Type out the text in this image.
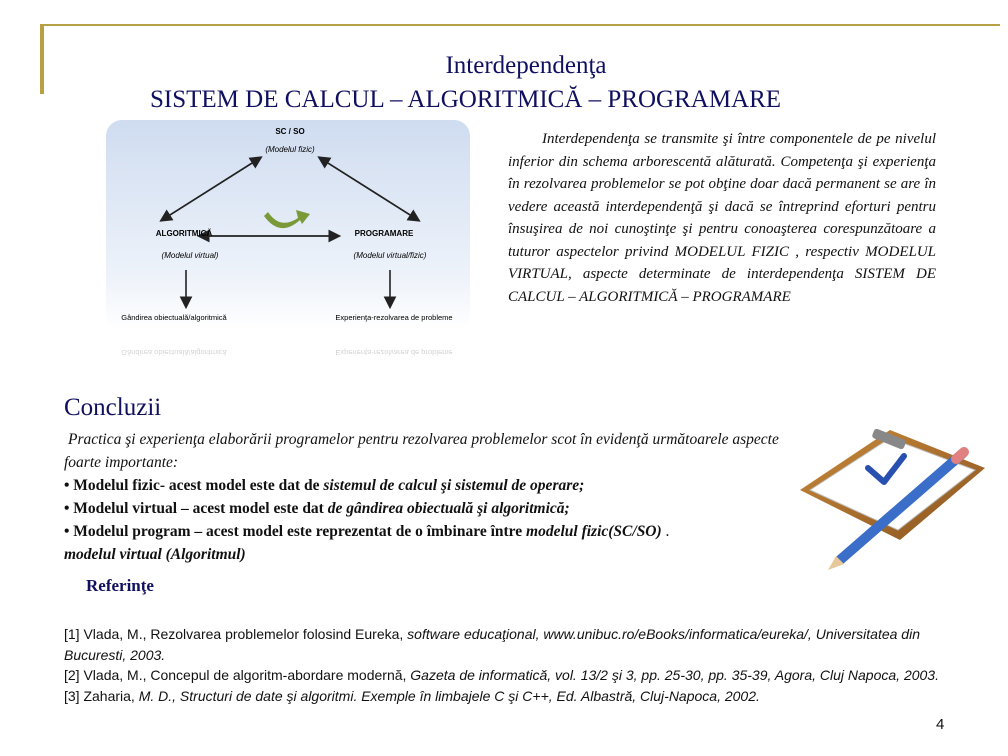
Interdependenţa
SISTEM DE CALCUL – ALGORITMICĂ – PROGRAMARE
SC / SO
(Modelul fizic)
ALGORITMICĂ
(Modelul virtual)
PROGRAMARE
(Modelul virtual/fizic)
Gândirea obiectuală/algoritmică	Experienţa-rezolvarea de probleme
Gândirea obiectuală/algoritmică	Experienţa-rezolvarea de probleme
Interdependenţa se transmite şi între componentele de pe nivelul inferior din schema arborescentă alăturată. Competenţa şi experienţa în rezolvarea problemelor se pot obţine doar dacă permanent se are în vedere această interdependenţă şi dacă se întreprind eforturi pentru însuşirea de noi cunoştinţe şi pentru conoaşterea corespunzătoare a tuturor aspectelor privind MODELUL FIZIC , respectiv MODELUL VIRTUAL, aspecte determinate de interdependenţa SISTEM DE CALCUL – ALGORITMICĂ – PROGRAMARE
Concluzii

Practica şi experienţa elaborării programelor pentru rezolvarea problemelor scot în evidenţă următoarele aspecte foarte importante:

• Modelul fizic- acest model este dat de sistemul de calcul şi sistemul de operare;

• Modelul virtual – acest model este dat de gândirea obiectuală şi algoritmică;

• Modelul program – acest model este reprezentat de o îmbinare între modelul fizic(SC/SO) .

modelul virtual (Algoritmul)

Referinţe

[1] Vlada, M., Rezolvarea problemelor folosind Eureka, software educaţional, www.unibuc.ro/eBooks/informatica/eureka/, Universitatea din Bucuresti, 2003.

[2] Vlada, M., Concepul de algoritm-abordare modernă, Gazeta de informatică, vol. 13/2 şi 3, pp. 25-30, pp. 35-39, Agora, Cluj Napoca, 2003.

[3] Zaharia, M. D., Structuri de date şi algoritmi. Exemple în limbajele C şi C++, Ed. Albastră, Cluj-Napoca, 2002.

4
